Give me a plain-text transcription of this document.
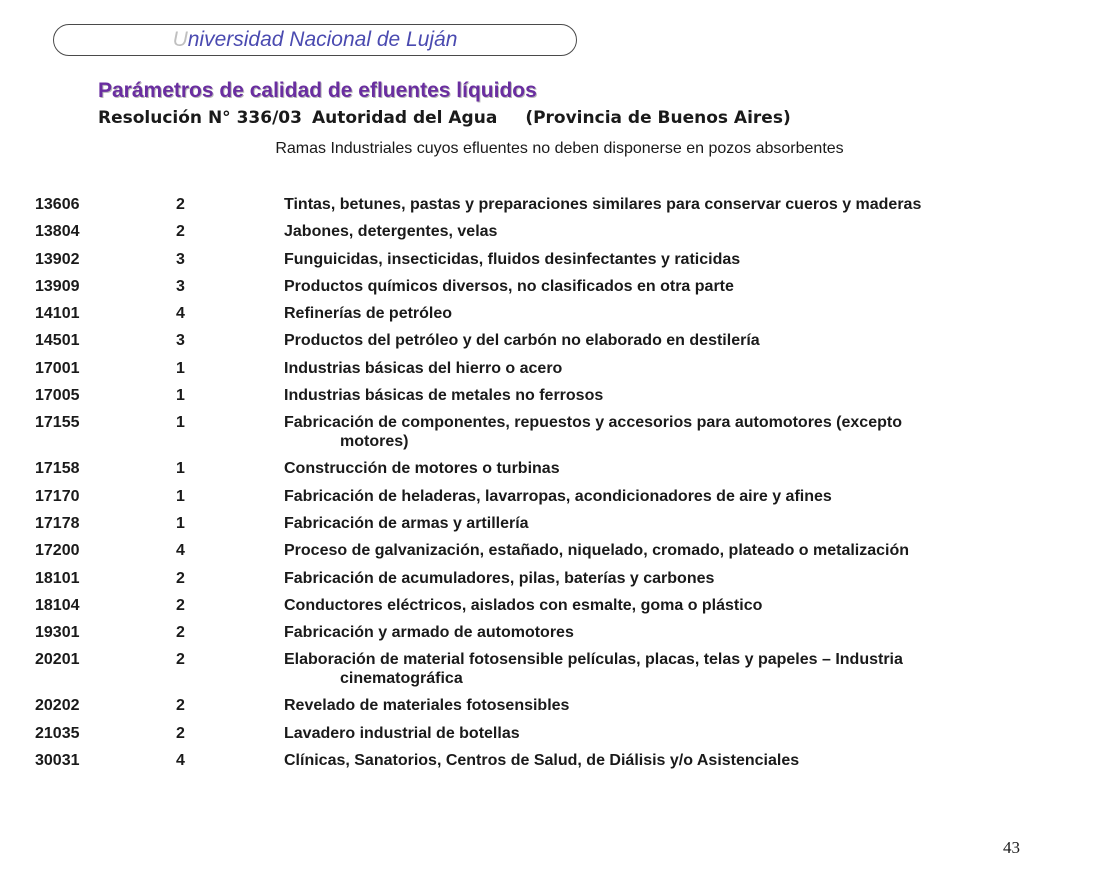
Universidad Nacional de Luján
Parámetros de calidad de efluentes líquidos
Resolución N° 336/03 Autoridad del Agua (Provincia de Buenos Aires)
Ramas Industriales cuyos efluentes no deben disponerse en pozos absorbentes
13606	2	Tintas, betunes, pastas y preparaciones similares para conservar cueros y maderas
13804	2	Jabones, detergentes, velas
13902	3	Funguicidas, insecticidas, fluidos desinfectantes y raticidas
13909	3	Productos químicos diversos, no clasificados en otra parte
14101	4	Refinerías de petróleo
14501	3	Productos del petróleo y del carbón no elaborado en destilería
17001	1	Industrias básicas del hierro o acero
17005	1	Industrias básicas de metales no ferrosos
17155	1	Fabricación de componentes, repuestos y accesorios para automotores (excepto
motores)
17158	1	Construcción de motores o turbinas
17170	1	Fabricación de heladeras, lavarropas, acondicionadores de aire y afines
17178	1	Fabricación de armas y artillería
17200	4	Proceso de galvanización, estañado, niquelado, cromado, plateado o metalización
18101	2	Fabricación de acumuladores, pilas, baterías y carbones
18104	2	Conductores eléctricos, aislados con esmalte, goma o plástico
19301	2	Fabricación y armado de automotores
20201	2	Elaboración de material fotosensible películas, placas, telas y papeles – Industria
cinematográfica
20202	2	Revelado de materiales fotosensibles
21035	2	Lavadero industrial de botellas
30031	4	Clínicas, Sanatorios, Centros de Salud, de Diálisis y/o Asistenciales
43
